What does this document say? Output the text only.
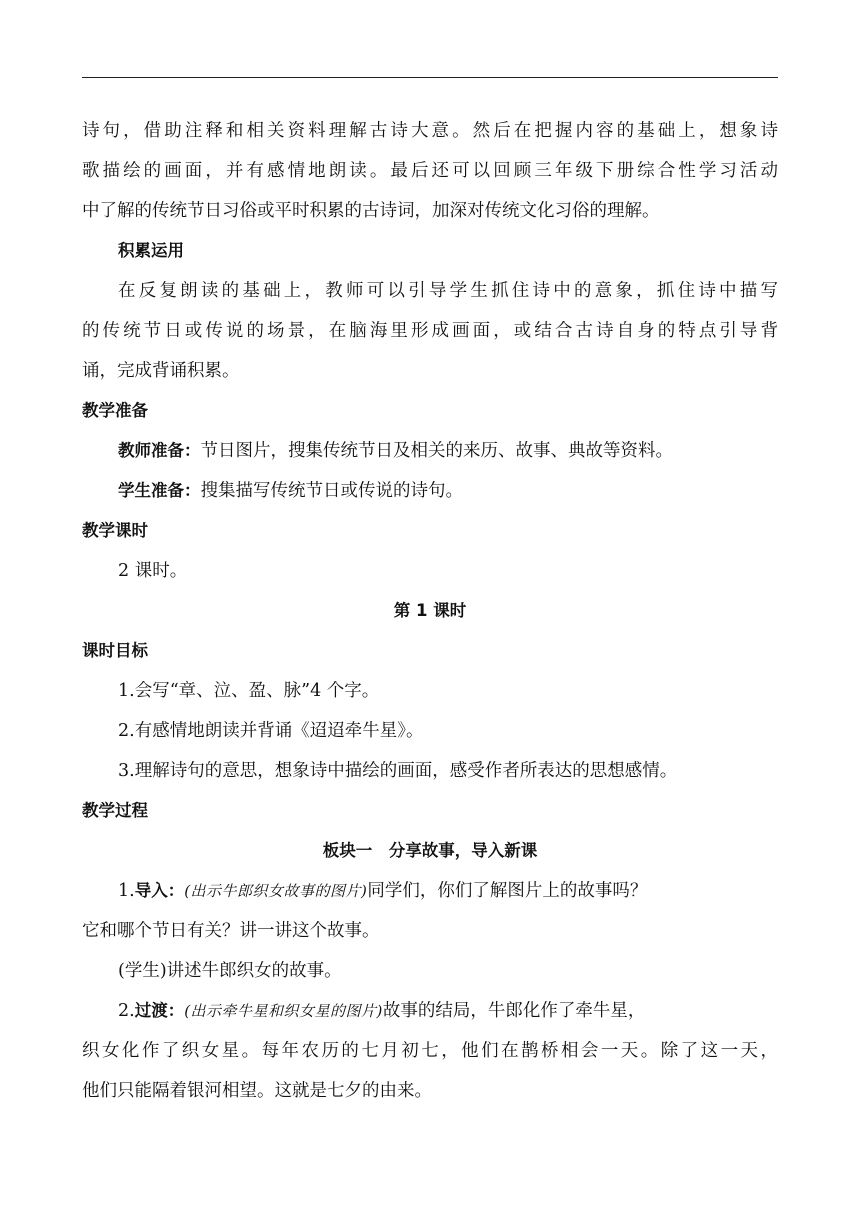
诗句，借助注释和相关资料理解古诗大意。然后在把握内容的基础上，想象诗
歌描绘的画面，并有感情地朗读。最后还可以回顾三年级下册综合性学习活动
中了解的传统节日习俗或平时积累的古诗词，加深对传统文化习俗的理解。
积累运用
在反复朗读的基础上，教师可以引导学生抓住诗中的意象，抓住诗中描写
的传统节日或传说的场景，在脑海里形成画面，或结合古诗自身的特点引导背
诵，完成背诵积累。
教学准备
教师准备：节日图片，搜集传统节日及相关的来历、故事、典故等资料。
学生准备：搜集描写传统节日或传说的诗句。
教学课时
2 课时。
第 1 课时
课时目标
1.会写“章、泣、盈、脉”4 个字。
2.有感情地朗读并背诵《迢迢牵牛星》。
3.理解诗句的意思，想象诗中描绘的画面，感受作者所表达的思想感情。
教学过程
板块一　分享故事，导入新课
1.导入：(出示牛郎织女故事的图片)同学们，你们了解图片上的故事吗？
它和哪个节日有关？讲一讲这个故事。
(学生)讲述牛郎织女的故事。
2.过渡：(出示牵牛星和织女星的图片)故事的结局，牛郎化作了牵牛星，
织女化作了织女星。每年农历的七月初七，他们在鹊桥相会一天。除了这一天，
他们只能隔着银河相望。这就是七夕的由来。
